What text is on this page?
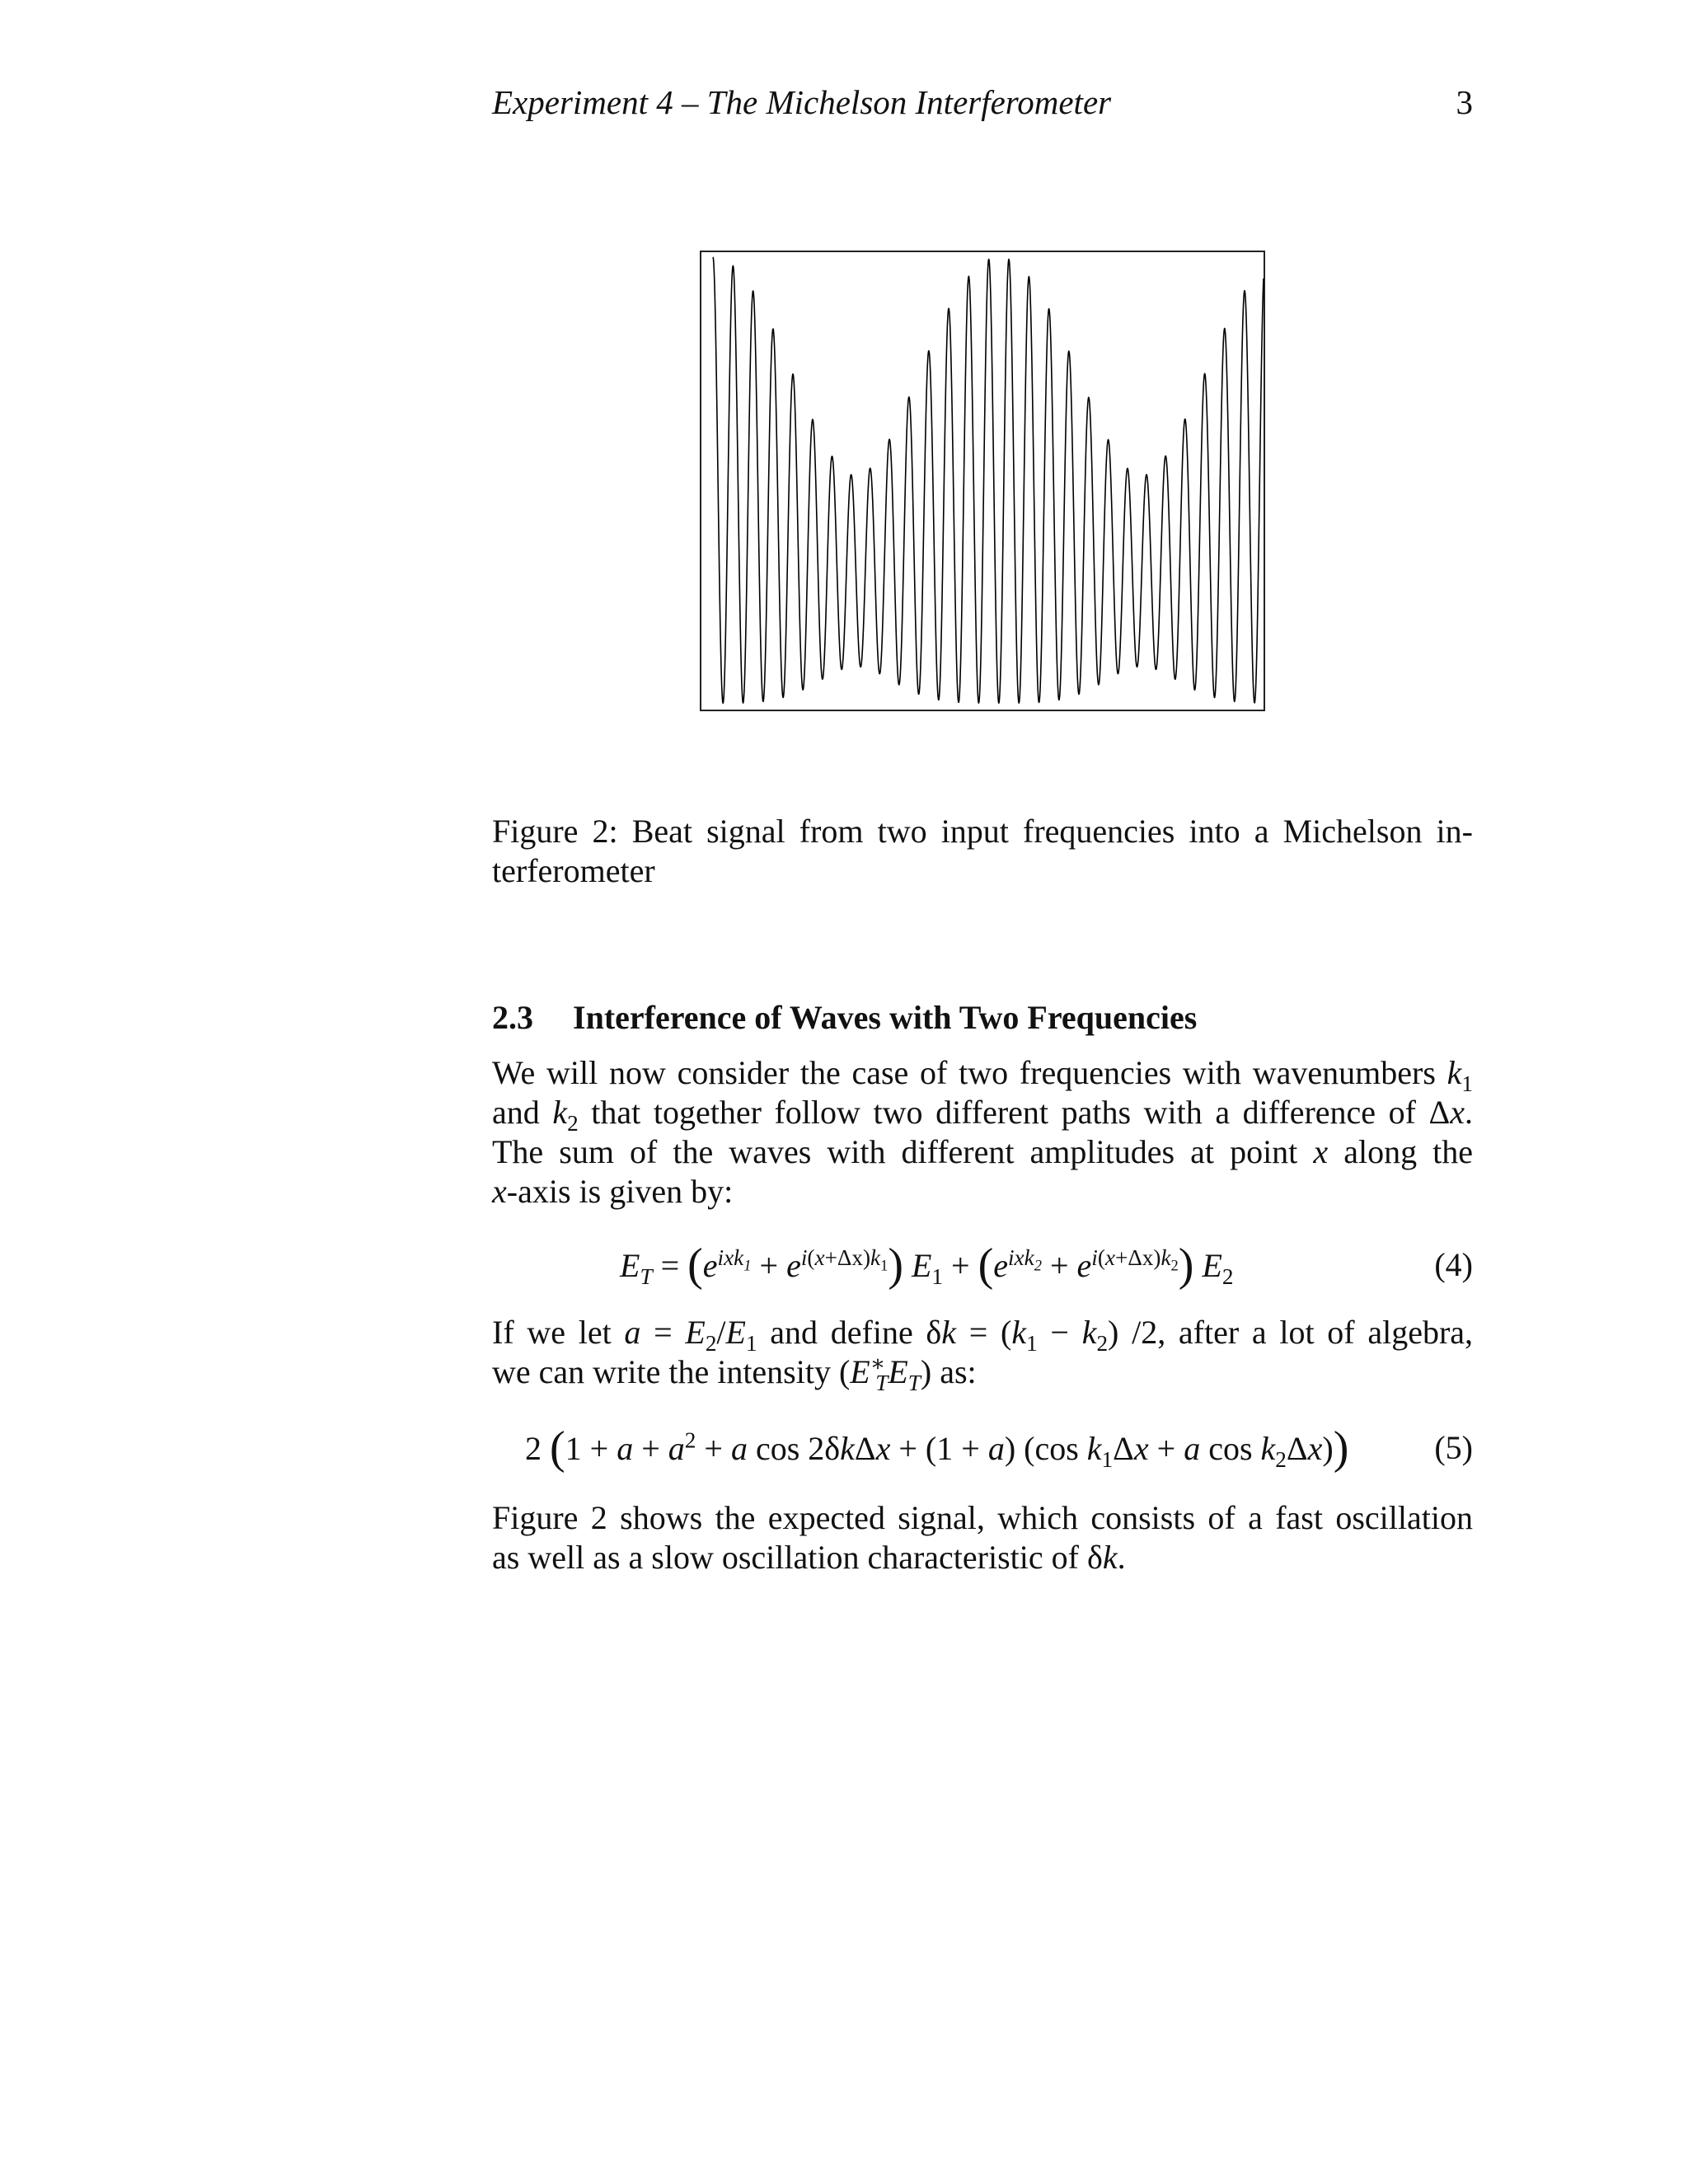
Experiment 4 – The Michelson Interferometer	3
Figure 2: Beat signal from two input frequencies into a Michelson in-
terferometer
2.3 Interference of Waves with Two Frequencies
We will now consider the case of two frequencies with wavenumbers $k_1$
and $k_2$ that together follow two different paths with a difference of Δx.
The sum of the waves with different amplitudes at point x along the
x-axis is given by:
$E_T = (e^{ixk_1} + e^{i(x+\Delta x)k_1}) E_1 + (e^{ixk_2} + e^{i(x+\Delta x)k_2})$ $E_2$	(4)
If we let $a = E_2/E_1$ and define $\delta k = (k_1 - k_2)$ /2, after a lot of algebra,
we can write the intensity $(E^∗_TE_T)$ as:
2 ($1 + a + a^2 + a$ cos 2δkΔx + (1 + a) (cos $k_1\Delta x + a$ $\cos k_2\Delta x$))	(5)
Figure 2 shows the expected signal, which consists of a fast oscillation
as well as a slow oscillation characteristic of δk.
